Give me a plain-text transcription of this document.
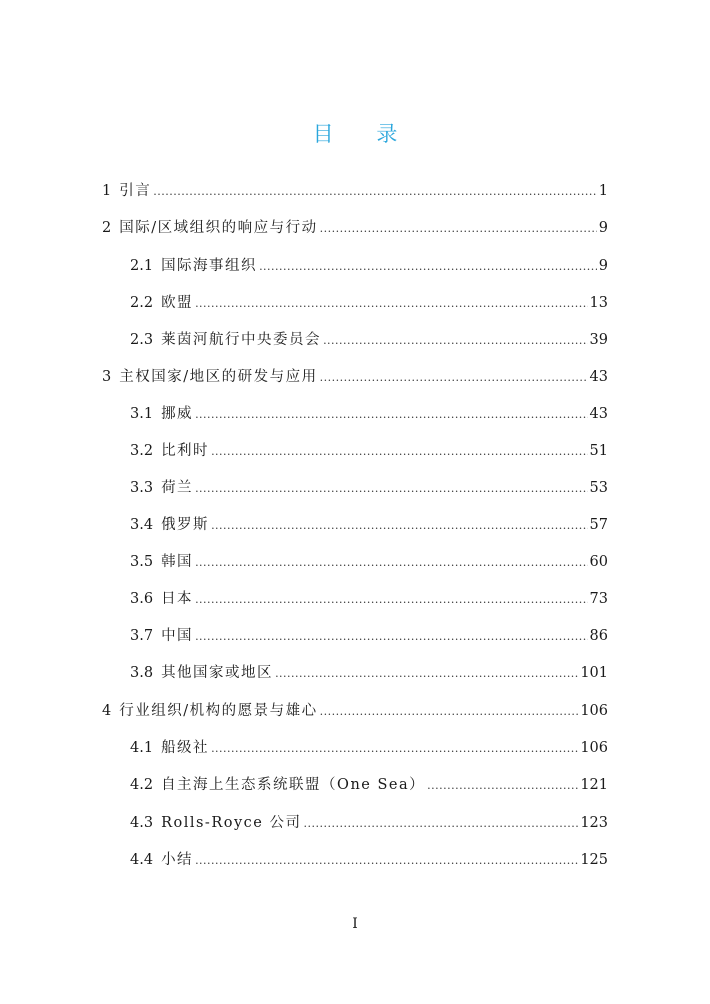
目 录
1 引言 .....	1
2 国际/区域组织的响应与行动 .....	9
2.1 国际海事组织 .....	9
2.2 欧盟 .....	13
2.3 莱茵河航行中央委员会 .....	39
3 主权国家/地区的研发与应用 .....	43
3.1 挪威 .....	43
3.2 比利时 .....	51
3.3 荷兰 .....	53
3.4 俄罗斯 .....	57
3.5 韩国 .....	60
3.6 日本 .....	73
3.7 中国 .....	86
3.8 其他国家或地区 .....	101
4 行业组织/机构的愿景与雄心 .....	106
4.1 船级社 .....	106
4.2 自主海上生态系统联盟（One Sea） .....	121
4.3 Rolls-Royce 公司 .....	123
4.4 小结 .....	125
I
